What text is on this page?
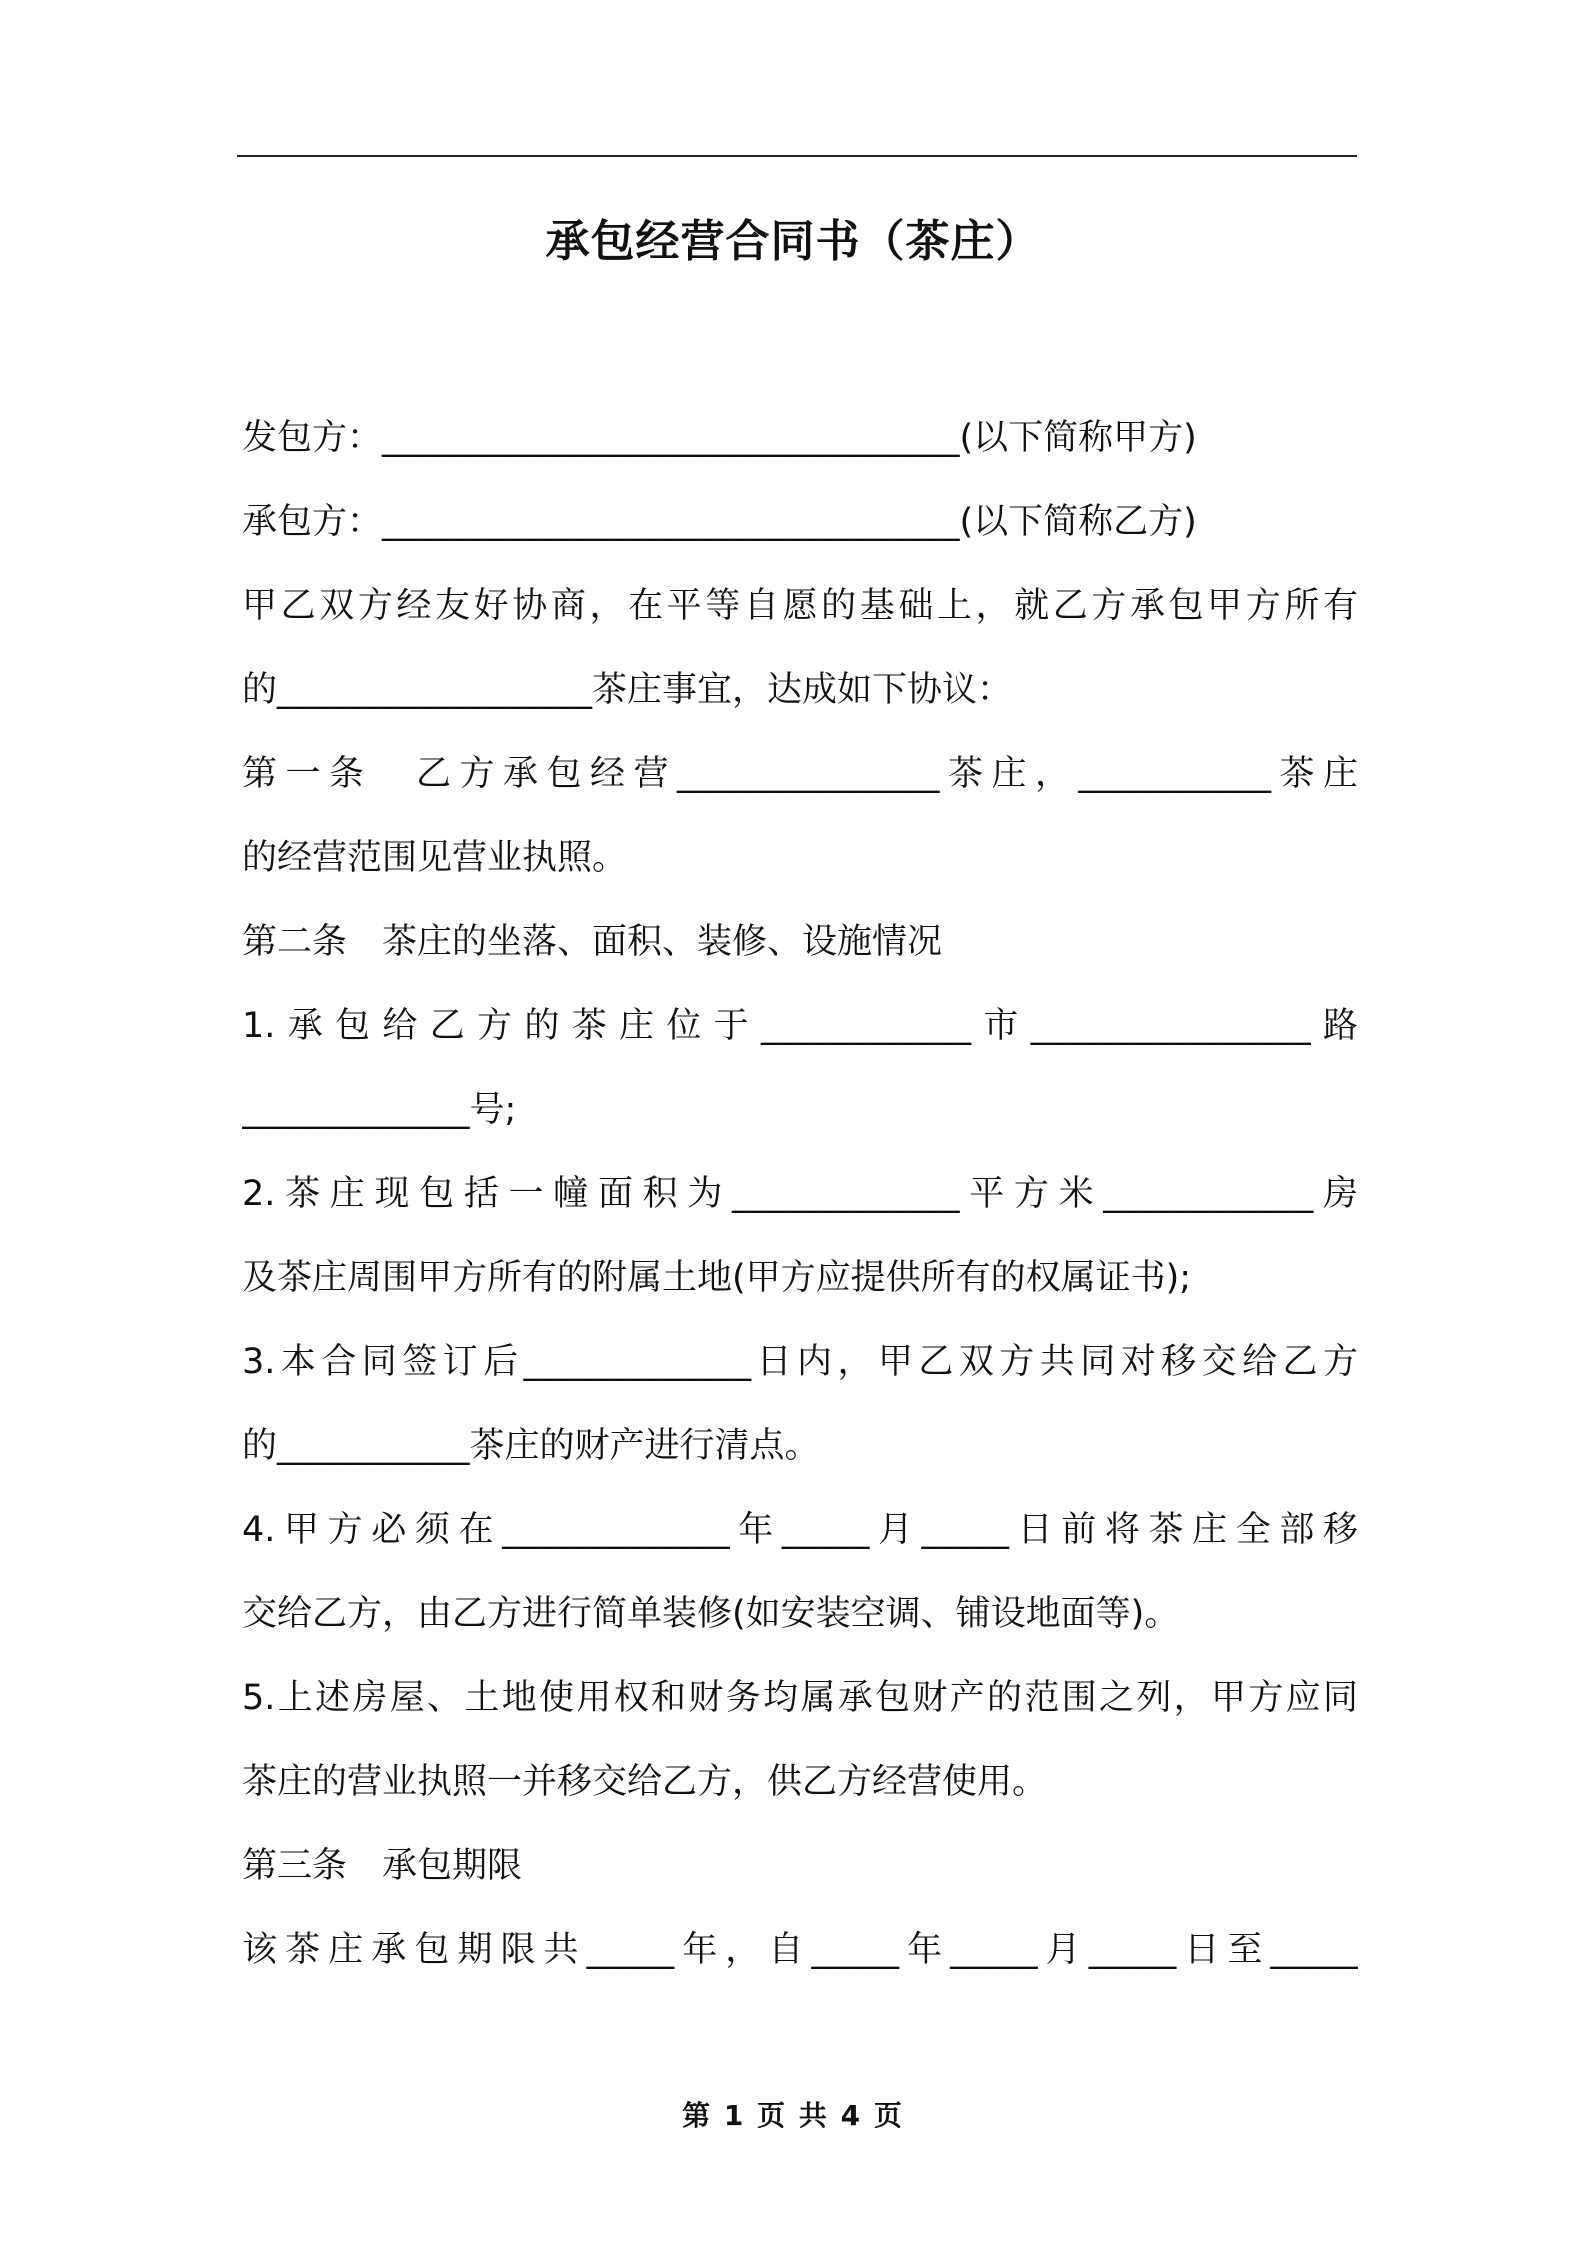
承包经营合同书（茶庄）
发包方：_________________________________(以下简称甲方)
承包方：_________________________________(以下简称乙方)
甲乙双方经友好协商，在平等自愿的基础上，就乙方承包甲方所有
的__________________茶庄事宜，达成如下协议：
第一条　乙方承包经营_______________茶庄，___________茶庄
的经营范围见营业执照。
第二条　茶庄的坐落、面积、装修、设施情况
1.承包给乙方的茶庄位于____________市________________路
_____________号;
2.茶庄现包括一幢面积为_____________平方米____________房
及茶庄周围甲方所有的附属土地(甲方应提供所有的权属证书);
3.本合同签订后_____________日内，甲乙双方共同对移交给乙方
的___________茶庄的财产进行清点。
4.甲方必须在_____________年_____月_____日前将茶庄全部移
交给乙方，由乙方进行简单装修(如安装空调、铺设地面等)。
5.上述房屋、土地使用权和财务均属承包财产的范围之列，甲方应同
茶庄的营业执照一并移交给乙方，供乙方经营使用。
第三条　承包期限
该茶庄承包期限共_____年，自_____年_____月_____日至_____
第 1 页 共 4 页
